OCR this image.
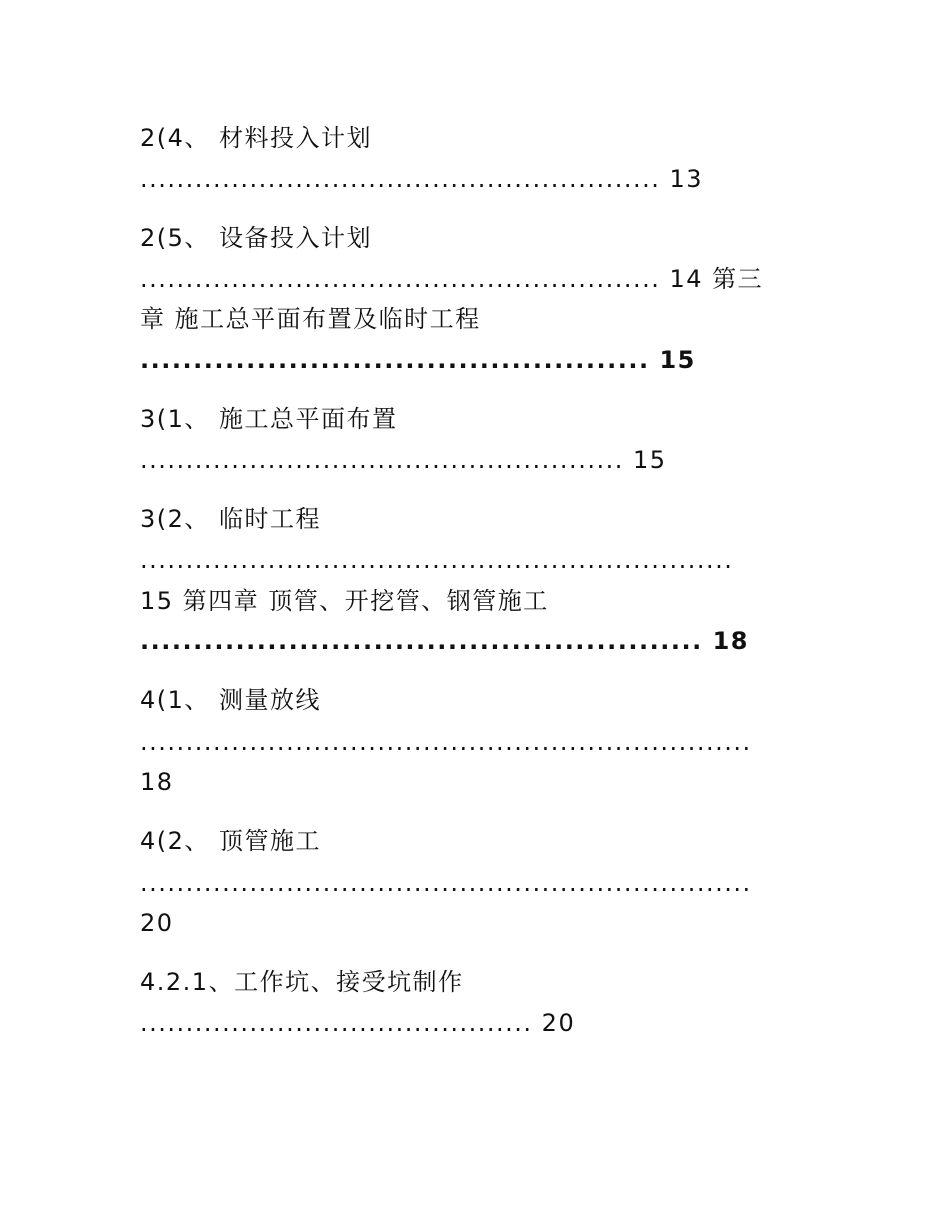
2(4、 材料投入计划
......................................................... 13
2(5、 设备投入计划
......................................................... 14 第三
章 施工总平面布置及临时工程
................................................ 15
3(1、 施工总平面布置
..................................................... 15
3(2、 临时工程
.................................................................
15 第四章 顶管、开挖管、钢管施工
..................................................... 18
4(1、 测量放线
...................................................................
18
4(2、 顶管施工
...................................................................
20
4.2.1、工作坑、接受坑制作
........................................... 20
